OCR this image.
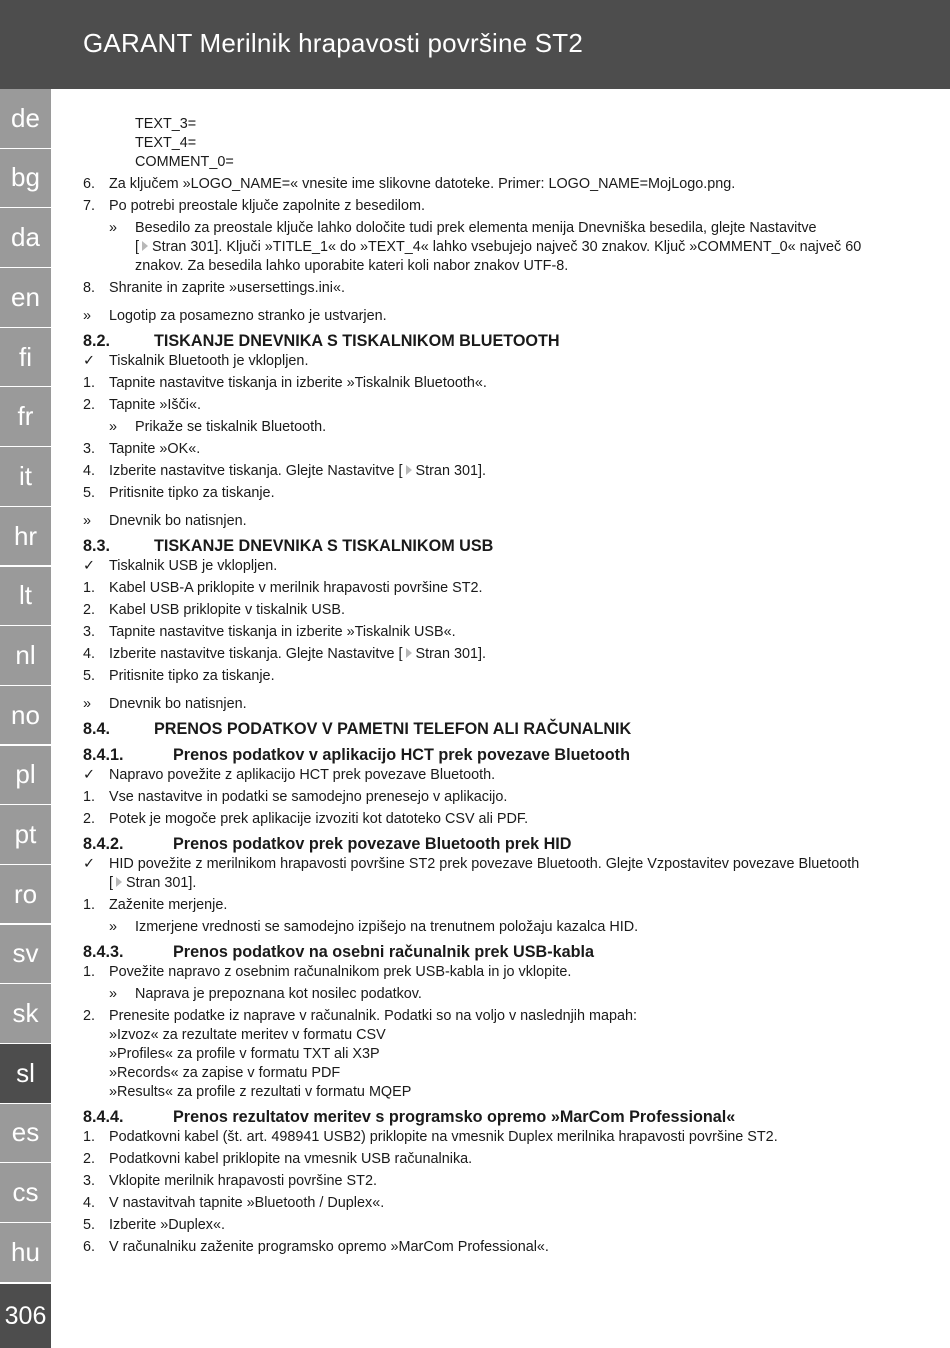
GARANT Merilnik hrapavosti površine ST2
de
bg
da
en
fi
fr
it
hr
lt
nl
no
pl
pt
ro
sv
sk
sl
es
cs
hu
306
TEXT_3=
TEXT_4=
COMMENT_0=
6. Za ključem »LOGO_NAME=« vnesite ime slikovne datoteke. Primer: LOGO_NAME=MojLogo.png.
7. Po potrebi preostale ključe zapolnite z besedilom.
» Besedilo za preostale ključe lahko določite tudi prek elementa menija Dnevniška besedila, glejte Nastavitve
[ Stran 301]. Ključi »TITLE_1« do »TEXT_4« lahko vsebujejo največ 30 znakov. Ključ »COMMENT_0« največ 60
znakov. Za besedila lahko uporabite kateri koli nabor znakov UTF-8.
8. Shranite in zaprite »usersettings.ini«.
»	Logotip za posamezno stranko je ustvarjen.
8.2.	TISKANJE DNEVNIKA S TISKALNIKOM BLUETOOTH
✓ Tiskalnik Bluetooth je vklopljen.
1. Tapnite nastavitve tiskanja in izberite »Tiskalnik Bluetooth«.
2. Tapnite »Išči«.
» Prikaže se tiskalnik Bluetooth.
3. Tapnite »OK«.
4. Izberite nastavitve tiskanja. Glejte Nastavitve [ Stran 301].
5. Pritisnite tipko za tiskanje.
»	Dnevnik bo natisnjen.
8.3.	TISKANJE DNEVNIKA S TISKALNIKOM USB
✓ Tiskalnik USB je vklopljen.
1. Kabel USB-A priklopite v merilnik hrapavosti površine ST2.
2. Kabel USB priklopite v tiskalnik USB.
3. Tapnite nastavitve tiskanja in izberite »Tiskalnik USB«.
4. Izberite nastavitve tiskanja. Glejte Nastavitve [ Stran 301].
5. Pritisnite tipko za tiskanje.
»	Dnevnik bo natisnjen.
8.4.	PRENOS PODATKOV V PAMETNI TELEFON ALI RAČUNALNIK
8.4.1.	Prenos podatkov v aplikacijo HCT prek povezave Bluetooth
✓ Napravo povežite z aplikacijo HCT prek povezave Bluetooth.
1. Vse nastavitve in podatki se samodejno prenesejo v aplikacijo.
2. Potek je mogoče prek aplikacije izvoziti kot datoteko CSV ali PDF.
8.4.2.	Prenos podatkov prek povezave Bluetooth prek HID
✓ HID povežite z merilnikom hrapavosti površine ST2 prek povezave Bluetooth. Glejte Vzpostavitev povezave Bluetooth
[ Stran 301].
1. Zaženite merjenje.
» Izmerjene vrednosti se samodejno izpišejo na trenutnem položaju kazalca HID.
8.4.3.	Prenos podatkov na osebni računalnik prek USB-kabla
1. Povežite napravo z osebnim računalnikom prek USB-kabla in jo vklopite.
» Naprava je prepoznana kot nosilec podatkov.
2. Prenesite podatke iz naprave v računalnik. Podatki so na voljo v naslednjih mapah:
»Izvoz« za rezultate meritev v formatu CSV
»Profiles« za profile v formatu TXT ali X3P
»Records« za zapise v formatu PDF
»Results« za profile z rezultati v formatu MQEP
8.4.4.	Prenos rezultatov meritev s programsko opremo »MarCom Professional«
1. Podatkovni kabel (št. art. 498941 USB2) priklopite na vmesnik Duplex merilnika hrapavosti površine ST2.
2. Podatkovni kabel priklopite na vmesnik USB računalnika.
3. Vklopite merilnik hrapavosti površine ST2.
4. V nastavitvah tapnite »Bluetooth / Duplex«.
5. Izberite »Duplex«.
6. V računalniku zaženite programsko opremo »MarCom Professional«.
